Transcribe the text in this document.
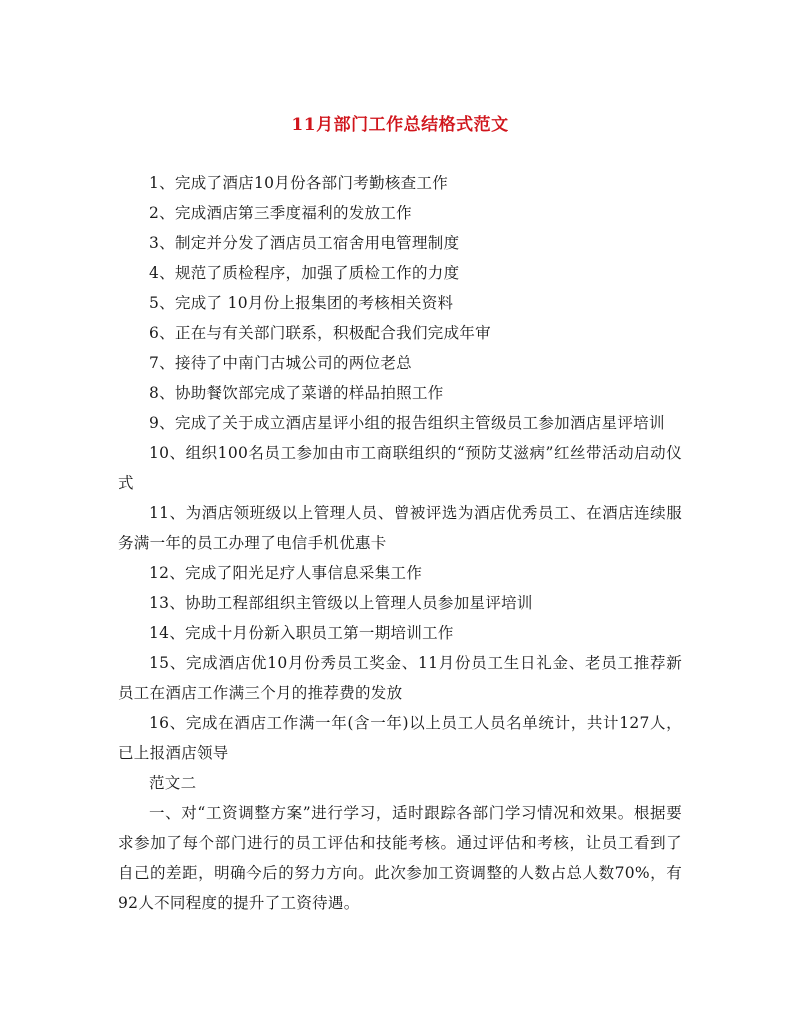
11月部门工作总结格式范文

1、完成了酒店10月份各部门考勤核查工作

2、完成酒店第三季度福利的发放工作

3、制定并分发了酒店员工宿舍用电管理制度

4、规范了质检程序，加强了质检工作的力度

5、完成了 10月份上报集团的考核相关资料

6、正在与有关部门联系，积极配合我们完成年审

7、接待了中南门古城公司的两位老总

8、协助餐饮部完成了菜谱的样品拍照工作

9、完成了关于成立酒店星评小组的报告组织主管级员工参加酒店星评培训

10、组织100名员工参加由市工商联组织的“预防艾滋病”红丝带活动启动仪式

11、为酒店领班级以上管理人员、曾被评选为酒店优秀员工、在酒店连续服务满一年的员工办理了电信手机优惠卡

12、完成了阳光足疗人事信息采集工作

13、协助工程部组织主管级以上管理人员参加星评培训

14、完成十月份新入职员工第一期培训工作

15、完成酒店优10月份秀员工奖金、11月份员工生日礼金、老员工推荐新员工在酒店工作满三个月的推荐费的发放

16、完成在酒店工作满一年(含一年)以上员工人员名单统计，共计127人，已上报酒店领导

范文二

一、对“工资调整方案”进行学习，适时跟踪各部门学习情况和效果。根据要求参加了每个部门进行的员工评估和技能考核。通过评估和考核，让员工看到了自己的差距，明确今后的努力方向。此次参加工资调整的人数占总人数70%，有92人不同程度的提升了工资待遇。
